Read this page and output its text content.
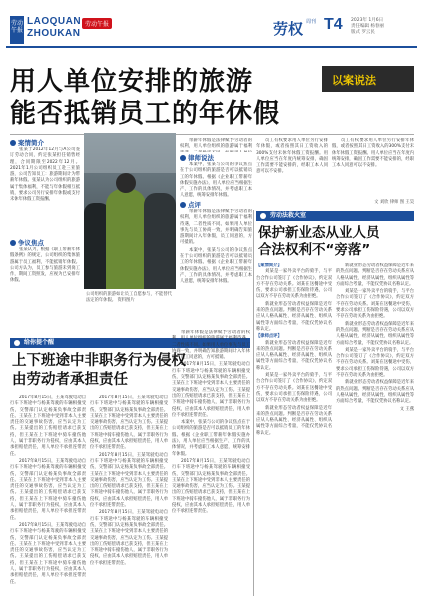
劳动午报
LAOQUAN
ZHOUKAN
劳动午报	劳权 周刊 T4 2023年 1月6日
责任编辑 杨春丽
版式 罗云民
用人单位安排的旅游
能否抵销员工的年休假
以案说法
案情简介

张某于2012年12月与A公司签订劳动合同，约定张某担任销售经理，合同期限至2022年12月。2021年1月公司组织员工赴三亚旅游，公司告知员工：旅游期间计为带薪年休假。张某认为公司组织的旅游属于集体福利，不能与年休假相互抵销，要求公司另行安排年休假或支付未休年休假工资报酬。

争议焦点

张某认为，根据《职工带薪年休假条例》的规定，公司组织的集体旅游属于员工福利，不能抵销年休假。公司方认为，员工参与旅游未到岗工作，期间工资照发，应视为已安排年休假。

公司组织的旅游如让员工自愿参与，不能替代法定的年休假。 资料图片

带薪年休假是法律赋予劳动者的权利，用人单位组织的旅游属于福利

律师说法

本案中，张某与公司的争议焦点在于公司组织的旅游是否可以抵销员工的年休假。根据《企业职工带薪年休假实施办法》，用人单位应当根据生产、工作的具体情况，并考虑职工本人意愿，统筹安排年休假。

点评

带薪年休假是法律赋予劳动者的权利，用人单位组织的旅游属于福利待遇，二者性质不同。如果用人单位事先与员工协商一致，并明确告知旅游期间计入年休假，员工同意的，方可抵销。

本案中，张某与公司的争议焦点在于公司组织的旅游是否可以抵销员工的年休假。根据《企业职工带薪年休假实施办法》，用人单位应当根据生产、工作的具体情况，并考虑职工本人意愿，统筹安排年休假。

员工有权要求用人单位另行安排年休假，或者按照其日工资收入的300%支付未休年休假工资报酬。用人单位应当在年度内统筹安排，确因工作需要不能安排的，经职工本人同意可以不安排。

员工有权要求用人单位另行安排年休假，或者按照其日工资收入的300%支付未休年休假工资报酬。用人单位应当在年度内统筹安排，确因工作需要不能安排的，经职工本人同意可以不安排。

文 刘欣 律师 图 王昊
劳动法救火室
保护新业态从业人员
合法权利不“旁落”
【案情简介】

刘某是一家外卖平台的骑手，与平台合作公司签订了《合作协议》，约定双方不存在劳动关系。刘某在送餐途中受伤，要求公司承担工伤保险待遇，公司以双方不存在劳动关系为由拒绝。

新就业形态劳动者权益保障是近年来的热点问题。判断是否存在劳动关系应从人格从属性、经济从属性、组织从属性等方面综合考量，不能仅凭协议名称认定。

【律师点评】

新就业形态劳动者权益保障是近年来的热点问题。判断是否存在劳动关系应从人格从属性、经济从属性、组织从属性等方面综合考量，不能仅凭协议名称认定。

刘某是一家外卖平台的骑手，与平台合作公司签订了《合作协议》，约定双方不存在劳动关系。刘某在送餐途中受伤，要求公司承担工伤保险待遇，公司以双方不存在劳动关系为由拒绝。

新就业形态劳动者权益保障是近年来的热点问题。判断是否存在劳动关系应从人格从属性、经济从属性、组织从属性等方面综合考量，不能仅凭协议名称认定。

新就业形态劳动者权益保障是近年来的热点问题。判断是否存在劳动关系应从人格从属性、经济从属性、组织从属性等方面综合考量，不能仅凭协议名称认定。

刘某是一家外卖平台的骑手，与平台合作公司签订了《合作协议》，约定双方不存在劳动关系。刘某在送餐途中受伤，要求公司承担工伤保险待遇，公司以双方不存在劳动关系为由拒绝。

新就业形态劳动者权益保障是近年来的热点问题。判断是否存在劳动关系应从人格从属性、经济从属性、组织从属性等方面综合考量，不能仅凭协议名称认定。

刘某是一家外卖平台的骑手，与平台合作公司签订了《合作协议》，约定双方不存在劳动关系。刘某在送餐途中受伤，要求公司承担工伤保险待遇，公司以双方不存在劳动关系为由拒绝。

新就业形态劳动者权益保障是近年来的热点问题。判断是否存在劳动关系应从人格从属性、经济从属性、组织从属性等方面综合考量，不能仅凭协议名称认定。

文 王燕
给你提个醒
上下班途中非职务行为侵权
由劳动者承担责任

2017年8月15日，王某驾驶电动自行车下班途中与杨某驾驶的车辆相撞受伤，交警部门认定杨某负事故全部责任。王某在上下班途中受到非本人主要责任的交通事故伤害，应当认定为工伤。王某提出的工伤赔偿请求已获支持，但王某在上下班途中骑车撞伤他人，属于非职务行为侵权，应由其本人承担赔偿责任，用人单位不承担连带责任。

2017年8月15日，王某驾驶电动自行车下班途中与杨某驾驶的车辆相撞受伤，交警部门认定杨某负事故全部责任。王某在上下班途中受到非本人主要责任的交通事故伤害，应当认定为工伤。王某提出的工伤赔偿请求已获支持，但王某在上下班途中骑车撞伤他人，属于非职务行为侵权，应由其本人承担赔偿责任，用人单位不承担连带责任。

2017年8月15日，王某驾驶电动自行车下班途中与杨某驾驶的车辆相撞受伤，交警部门认定杨某负事故全部责任。王某在上下班途中受到非本人主要责任的交通事故伤害，应当认定为工伤。王某提出的工伤赔偿请求已获支持，但王某在上下班途中骑车撞伤他人，属于非职务行为侵权，应由其本人承担赔偿责任，用人单位不承担连带责任。

2017年8月15日，王某驾驶电动自行车下班途中与杨某驾驶的车辆相撞受伤，交警部门认定杨某负事故全部责任。王某在上下班途中受到非本人主要责任的交通事故伤害，应当认定为工伤。王某提出的工伤赔偿请求已获支持，但王某在上下班途中骑车撞伤他人，属于非职务行为侵权，应由其本人承担赔偿责任，用人单位不承担连带责任。

2017年8月15日，王某驾驶电动自行车下班途中与杨某驾驶的车辆相撞受伤，交警部门认定杨某负事故全部责任。王某在上下班途中受到非本人主要责任的交通事故伤害，应当认定为工伤。王某提出的工伤赔偿请求已获支持，但王某在上下班途中骑车撞伤他人，属于非职务行为侵权，应由其本人承担赔偿责任，用人单位不承担连带责任。

2017年8月15日，王某驾驶电动自行车下班途中与杨某驾驶的车辆相撞受伤，交警部门认定杨某负事故全部责任。王某在上下班途中受到非本人主要责任的交通事故伤害，应当认定为工伤。王某提出的工伤赔偿请求已获支持，但王某在上下班途中骑车撞伤他人，属于非职务行为侵权，应由其本人承担赔偿责任，用人单位不承担连带责任。

带薪年休假是法律赋予劳动者的权利，用人单位组织的旅游属于福利待遇，二者性质不同。如果用人单位事先与员工协商一致，并明确告知旅游期间计入年休假，员工同意的，方可抵销。

2017年8月15日，王某驾驶电动自行车下班途中与杨某驾驶的车辆相撞受伤，交警部门认定杨某负事故全部责任。王某在上下班途中受到非本人主要责任的交通事故伤害，应当认定为工伤。王某提出的工伤赔偿请求已获支持，但王某在上下班途中骑车撞伤他人，属于非职务行为侵权，应由其本人承担赔偿责任，用人单位不承担连带责任。

本案中，张某与公司的争议焦点在于公司组织的旅游是否可以抵销员工的年休假。根据《企业职工带薪年休假实施办法》，用人单位应当根据生产、工作的具体情况，并考虑职工本人意愿，统筹安排年休假。

2017年8月15日，王某驾驶电动自行车下班途中与杨某驾驶的车辆相撞受伤，交警部门认定杨某负事故全部责任。王某在上下班途中受到非本人主要责任的交通事故伤害，应当认定为工伤。王某提出的工伤赔偿请求已获支持，但王某在上下班途中骑车撞伤他人，属于非职务行为侵权，应由其本人承担赔偿责任，用人单位不承担连带责任。
